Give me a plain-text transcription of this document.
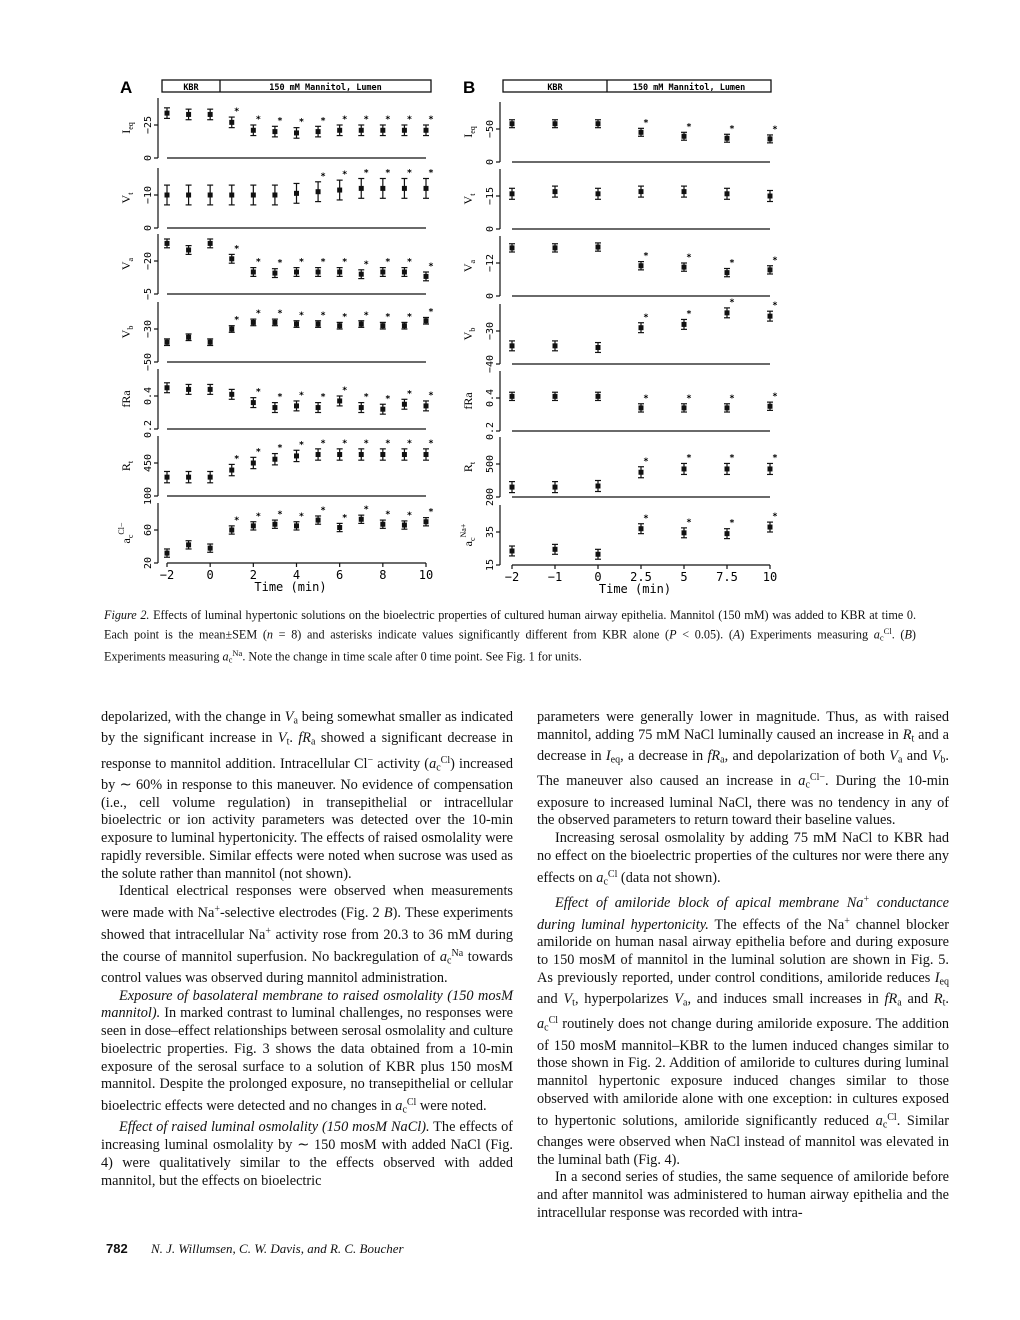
A	KBR	150 mM Mannitol, Lumen
0
−25
$I_{eq}$
*
* * * * * * * * *
0
−10
$V_t$
* * * * * *
−5
−20
$V_a$
*
* * * * * * * * *
−50
−30
$V_b$
*
* * * * * * * * *
0.2
0.4
fRa	* * * *
*
* * * *
100
450
$R_t$	*
* * * * * * * * *
20
60
$a_c^{Cl-}$
* * * *
*
*
* * * *
−2	0	2	4	6	8	10
Time (min)
B	KBR	150 mM Mannitol, Lumen
0
−50
$I_{eq}$
*	*	*	*
0
−15
$V_t$
0
−12
$V_a$
*	*
*	*
−40
−30
$V_b$
*	*
*	*
0.2
0.4
fRa	*	*	*	*
200
500
$R_t$	*	*	*	*
15
35
$a_c^{Na+}$
*	*	*
*
−2 −1	0 2.5 5 7.5 10
Time (min)
Figure 2. Effects of luminal hypertonic solutions on the bioelectric properties of cultured human airway epithelia. Mannitol (150 mM) was added to KBR at time 0. Each point is the mean±SEM (n = 8) and asterisks indicate values significantly different from KBR alone (P < 0.05). (A) Experiments measuring $a_c^{Cl}$. (B) Experiments measuring $a_c^{Na}$. Note the change in time scale after 0 time point. See Fig. 1 for units.

depolarized, with the change in $V_a$ being somewhat smaller as indicated by the significant increase in $V_t$. $fR_a$ showed a significant decrease in response to mannitol addition. Intracellular Cl− activity $(a_c^{Cl})$ increased by ∼ 60% in response to this maneuver. No evidence of compensation (i.e., cell volume regulation) in transepithelial or intracellular bioelectric or ion activity parameters was detected over the 10-min exposure to luminal hypertonicity. The effects of raised osmolality were rapidly reversible. Similar effects were noted when sucrose was used as the solute rather than mannitol (not shown).

Identical electrical responses were observed when measurements were made with Na+-selective electrodes (Fig. 2 B). These experiments showed that intracellular Na+ activity rose from 20.3 to 36 mM during the course of mannitol superfusion. No backregulation of $a_c^{Na}$ towards control values was observed during mannitol administration.

Exposure of basolateral membrane to raised osmolality (150 mosM mannitol). In marked contrast to luminal challenges, no responses were seen in dose–effect relationships between serosal osmolality and culture bioelectric properties. Fig. 3 shows the data obtained from a 10-min exposure of the serosal surface to a solution of KBR plus 150 mosM mannitol. Despite the prolonged exposure, no transepithelial or cellular bioelectric effects were detected and no changes in $a_c^{Cl}$ were noted.

Effect of raised luminal osmolality (150 mosM NaCl). The effects of increasing luminal osmolality by ∼ 150 mosM with added NaCl (Fig. 4) were qualitatively similar to the effects observed with added mannitol, but the effects on bioelectric

parameters were generally lower in magnitude. Thus, as with raised mannitol, adding 75 mM NaCl luminally caused an increase in $R_t$ and a decrease in $I_{eq}$, a decrease in $fR_a$, and depolarization of both $V_a$ and $V_b$. The maneuver also caused an increase in $a_c^{Cl-}$. During the 10-min exposure to increased luminal NaCl, there was no tendency in any of the observed parameters to return toward their baseline values.

Increasing serosal osmolality by adding 75 mM NaCl to KBR had no effect on the bioelectric properties of the cultures nor were there any effects on $a_c^{Cl}$ (data not shown).

Effect of amiloride block of apical membrane Na+ conductance during luminal hypertonicity. The effects of the Na+ channel blocker amiloride on human nasal airway epithelia before and during exposure to 150 mosM of mannitol in the luminal solution are shown in Fig. 5. As previously reported, under control conditions, amiloride reduces $I_{eq}$ and $V_t$, hyperpolarizes $V_a$, and induces small increases in $fR_a$ and $R_t$. $a_c^{Cl}$ routinely does not change during amiloride exposure. The addition of 150 mosM mannitol–KBR to the lumen induced changes similar to those shown in Fig. 2. Addition of amiloride to cultures during luminal mannitol hypertonic exposure induced changes similar to those observed with amiloride alone with one exception: in cultures exposed to hypertonic solutions, amiloride significantly reduced $a_c^{Cl}$. Similar changes were observed when NaCl instead of mannitol was elevated in the luminal bath (Fig. 4).

In a second series of studies, the same sequence of amiloride before and after mannitol was administered to human airway epithelia and the intracellular response was recorded with intra-

782 N. J. Willumsen, C. W. Davis, and R. C. Boucher
